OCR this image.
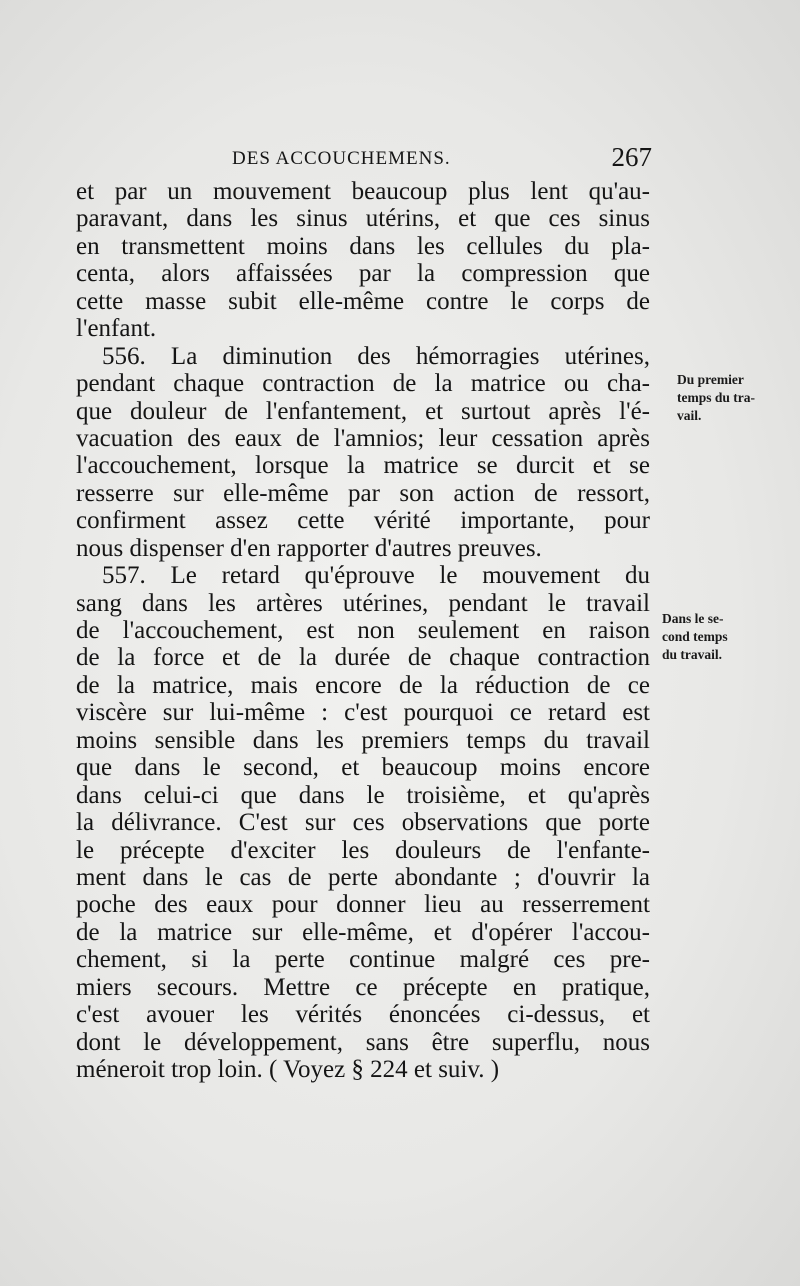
DES ACCOUCHEMENS.	267
et par un mouvement beaucoup plus lent qu'au-
paravant, dans les sinus utérins, et que ces sinus
en transmettent moins dans les cellules du pla-
centa, alors affaissées par la compression que
cette masse subit elle-même contre le corps de
l'enfant.
556. La diminution des hémorragies utérines,
pendant chaque contraction de la matrice ou cha-
que douleur de l'enfantement, et surtout après l'é-
vacuation des eaux de l'amnios; leur cessation après
l'accouchement, lorsque la matrice se durcit et se
resserre sur elle-même par son action de ressort,
confirment assez cette vérité importante, pour
nous dispenser d'en rapporter d'autres preuves.
557. Le retard qu'éprouve le mouvement du
sang dans les artères utérines, pendant le travail
de l'accouchement, est non seulement en raison
de la force et de la durée de chaque contraction
de la matrice, mais encore de la réduction de ce
viscère sur lui-même : c'est pourquoi ce retard est
moins sensible dans les premiers temps du travail
que dans le second, et beaucoup moins encore
dans celui-ci que dans le troisième, et qu'après
la délivrance. C'est sur ces observations que porte
le précepte d'exciter les douleurs de l'enfante-
ment dans le cas de perte abondante ; d'ouvrir la
poche des eaux pour donner lieu au resserrement
de la matrice sur elle-même, et d'opérer l'accou-
chement, si la perte continue malgré ces pre-
miers secours. Mettre ce précepte en pratique,
c'est avouer les vérités énoncées ci-dessus, et
dont le développement, sans être superflu, nous
méneroit trop loin. ( Voyez § 224 et suiv. )
Du premier
temps du tra-
vail.
Dans le se-
cond temps
du travail.
